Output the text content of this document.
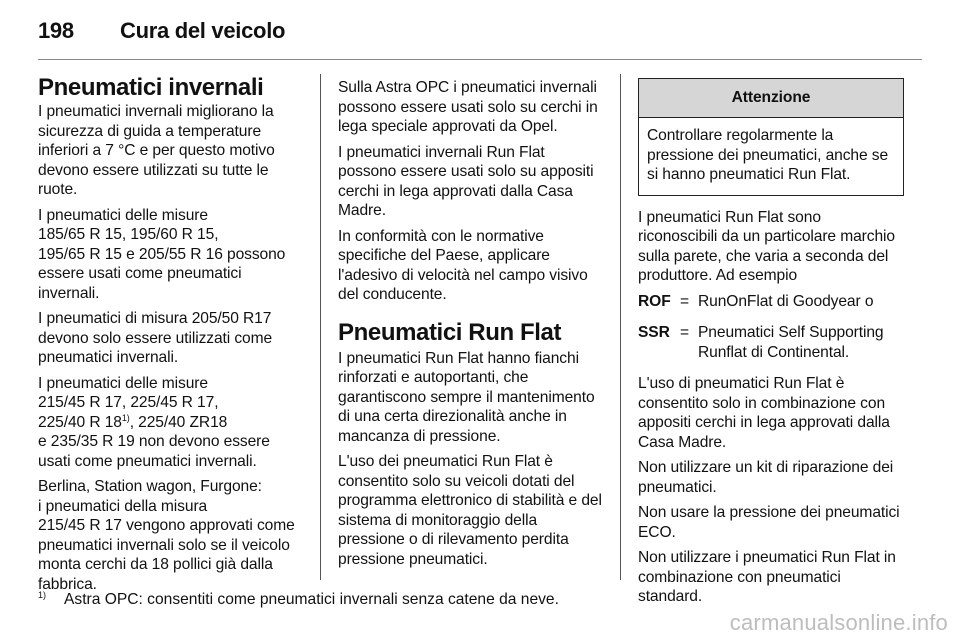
198 Cura del veicolo
Pneumatici invernali

I pneumatici invernali migliorano la sicurezza di guida a temperature inferiori a 7 °C e per questo motivo devono essere utilizzati su tutte le ruote.

I pneumatici delle misure
185/65 R 15, 195/60 R 15,
195/65 R 15 e 205/55 R 16 possono essere usati come pneumatici invernali.

I pneumatici di misura 205/50 R17 devono solo essere utilizzati come pneumatici invernali.

I pneumatici delle misure
215/45 R 17, 225/45 R 17,
225/40 R 18$^{1)}$, 225/40 ZR18
e 235/35 R 19 non devono essere usati come pneumatici invernali.

Berlina, Station wagon, Furgone:
i pneumatici della misura
215/45 R 17 vengono approvati come pneumatici invernali solo se il veicolo monta cerchi da 18 pollici già dalla fabbrica.

Sulla Astra OPC i pneumatici invernali possono essere usati solo su cerchi in lega speciale approvati da Opel.

I pneumatici invernali Run Flat possono essere usati solo su appositi cerchi in lega approvati dalla Casa Madre.

In conformità con le normative specifiche del Paese, applicare l'adesivo di velocità nel campo visivo del conducente.

Pneumatici Run Flat

I pneumatici Run Flat hanno fianchi rinforzati e autoportanti, che garantiscono sempre il mantenimento di una certa direzionalità anche in mancanza di pressione.

L'uso dei pneumatici Run Flat è consentito solo su veicoli dotati del programma elettronico di stabilità e del sistema di monitoraggio della pressione o di rilevamento perdita pressione pneumatici.

Attenzione
Controllare regolarmente la pressione dei pneumatici, anche se si hanno pneumatici Run Flat.

I pneumatici Run Flat sono riconoscibili da un particolare marchio sulla parete, che varia a seconda del produttore. Ad esempio

ROF = RunOnFlat di Goodyear o
SSR = Pneumatici Self Supporting Runflat di Continental.

L'uso di pneumatici Run Flat è consentito solo in combinazione con appositi cerchi in lega approvati dalla Casa Madre.

Non utilizzare un kit di riparazione dei pneumatici.

Non usare la pressione dei pneumatici ECO.

Non utilizzare i pneumatici Run Flat in combinazione con pneumatici standard.

1) Astra OPC: consentiti come pneumatici invernali senza catene da neve.
carmanualsonline.info
